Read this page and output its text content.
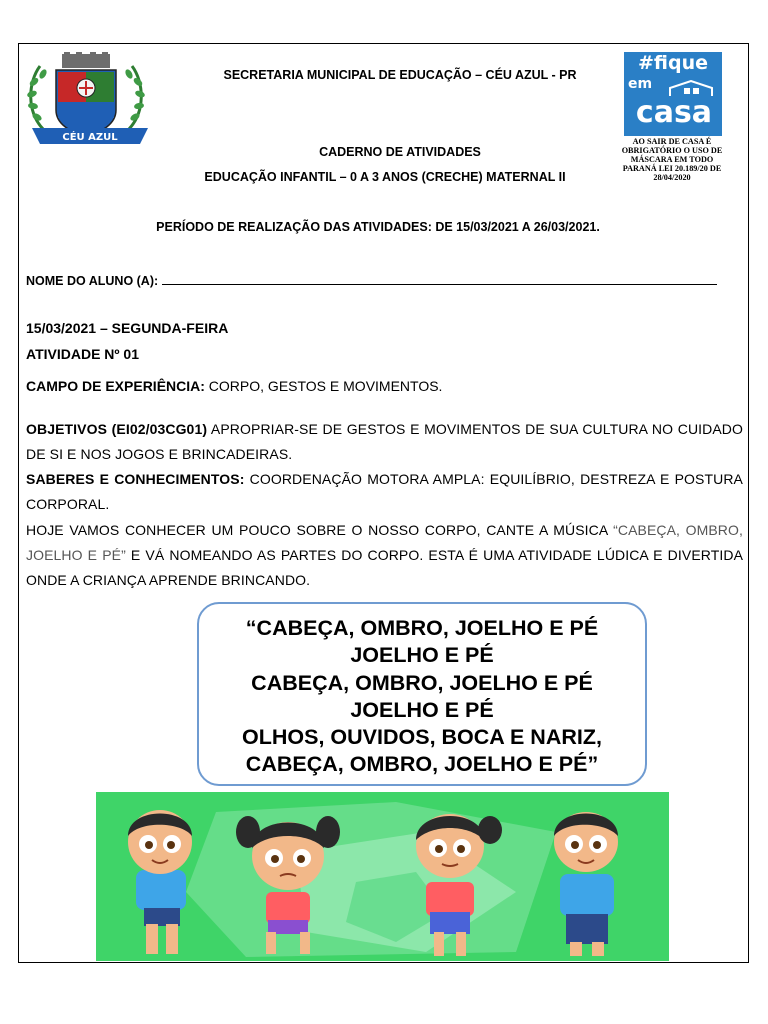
CÉU AZUL
SECRETARIA MUNICIPAL DE EDUCAÇÃO – CÉU AZUL - PR
CADERNO DE ATIVIDADES
EDUCAÇÃO INFANTIL – 0 A 3 ANOS (CRECHE) MATERNAL II
#fique
em
casa
AO SAIR DE CASA É OBRIGATÓRIO O USO DE MÁSCARA EM TODO PARANÁ LEI 20.189/20 DE 28/04/2020
PERÍODO DE REALIZAÇÃO DAS ATIVIDADES: DE 15/03/2021 A 26/03/2021.
NOME DO ALUNO (A):
15/03/2021 – SEGUNDA-FEIRA
ATIVIDADE Nº 01
CAMPO DE EXPERIÊNCIA: CORPO, GESTOS E MOVIMENTOS.
OBJETIVOS (EI02/03CG01) APROPRIAR-SE DE GESTOS E MOVIMENTOS DE SUA CULTURA NO CUIDADO DE SI E NOS JOGOS E BRINCADEIRAS.
SABERES E CONHECIMENTOS: COORDENAÇÃO MOTORA AMPLA: EQUILÍBRIO, DESTREZA E POSTURA CORPORAL.
HOJE VAMOS CONHECER UM POUCO SOBRE O NOSSO CORPO, CANTE A MÚSICA “CABEÇA, OMBRO, JOELHO E PÉ” E VÁ NOMEANDO AS PARTES DO CORPO. ESTA É UMA ATIVIDADE LÚDICA E DIVERTIDA ONDE A CRIANÇA APRENDE BRINCANDO.
“CABEÇA, OMBRO, JOELHO E PÉ
JOELHO E PÉ
CABEÇA, OMBRO, JOELHO E PÉ
JOELHO E PÉ
OLHOS, OUVIDOS, BOCA E NARIZ,
CABEÇA, OMBRO, JOELHO E PÉ”
